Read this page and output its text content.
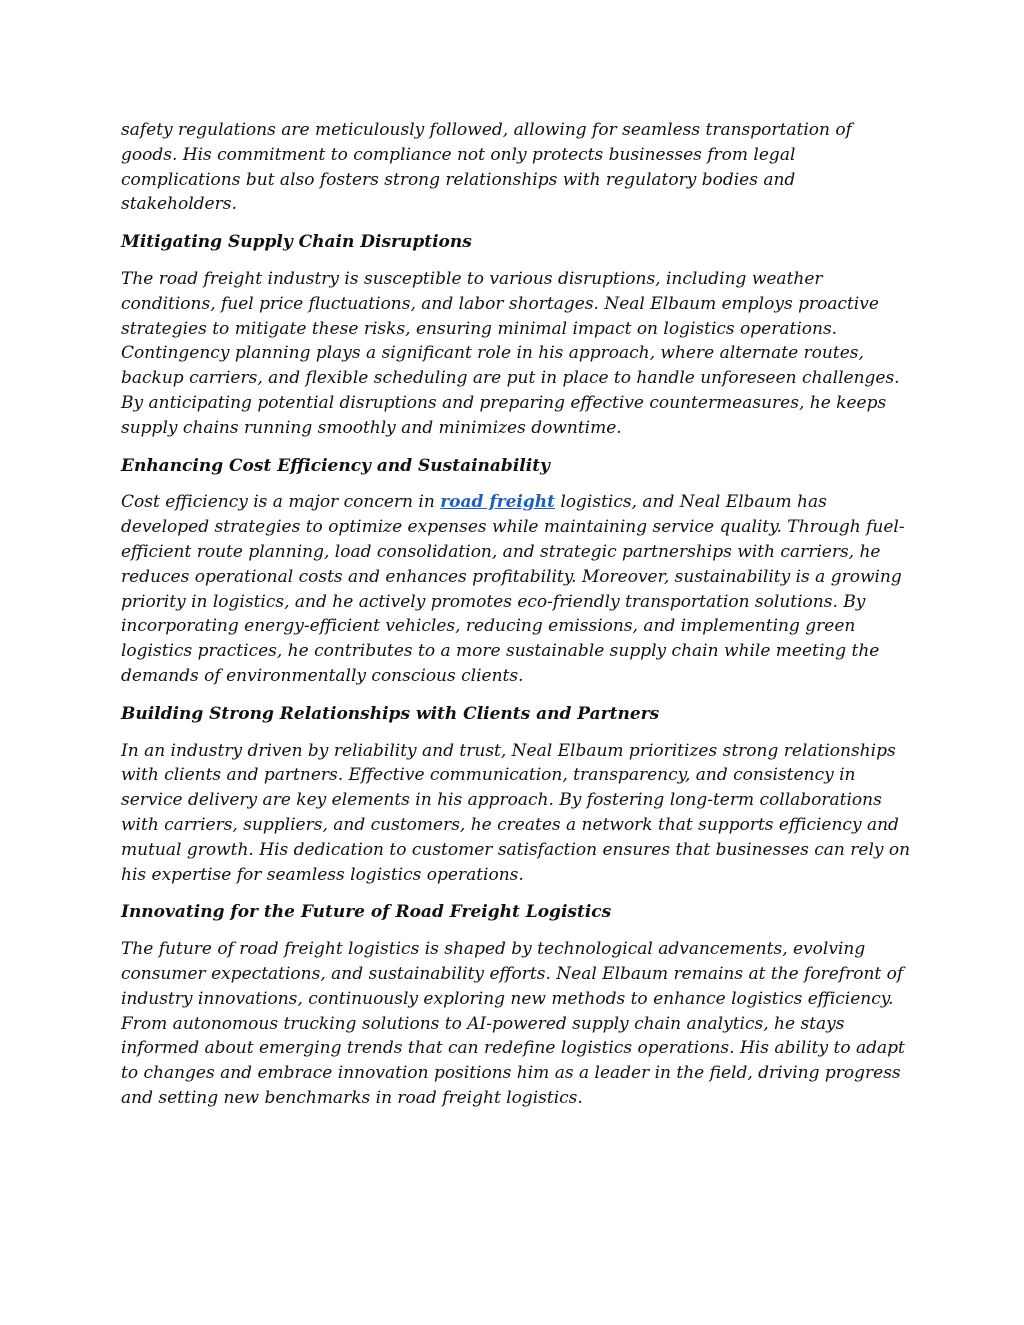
safety regulations are meticulously followed, allowing for seamless transportation of goods. His commitment to compliance not only protects businesses from legal complications but also fosters strong relationships with regulatory bodies and stakeholders.

Mitigating Supply Chain Disruptions

The road freight industry is susceptible to various disruptions, including weather conditions, fuel price fluctuations, and labor shortages. Neal Elbaum employs proactive strategies to mitigate these risks, ensuring minimal impact on logistics operations. Contingency planning plays a significant role in his approach, where alternate routes, backup carriers, and flexible scheduling are put in place to handle unforeseen challenges. By anticipating potential disruptions and preparing effective countermeasures, he keeps supply chains running smoothly and minimizes downtime.

Enhancing Cost Efficiency and Sustainability

Cost efficiency is a major concern in road freight logistics, and Neal Elbaum has developed strategies to optimize expenses while maintaining service quality. Through fuel-efficient route planning, load consolidation, and strategic partnerships with carriers, he reduces operational costs and enhances profitability. Moreover, sustainability is a growing priority in logistics, and he actively promotes eco-friendly transportation solutions. By incorporating energy-efficient vehicles, reducing emissions, and implementing green logistics practices, he contributes to a more sustainable supply chain while meeting the demands of environmentally conscious clients.

Building Strong Relationships with Clients and Partners

In an industry driven by reliability and trust, Neal Elbaum prioritizes strong relationships with clients and partners. Effective communication, transparency, and consistency in service delivery are key elements in his approach. By fostering long-term collaborations with carriers, suppliers, and customers, he creates a network that supports efficiency and mutual growth. His dedication to customer satisfaction ensures that businesses can rely on his expertise for seamless logistics operations.

Innovating for the Future of Road Freight Logistics

The future of road freight logistics is shaped by technological advancements, evolving consumer expectations, and sustainability efforts. Neal Elbaum remains at the forefront of industry innovations, continuously exploring new methods to enhance logistics efficiency. From autonomous trucking solutions to AI-powered supply chain analytics, he stays informed about emerging trends that can redefine logistics operations. His ability to adapt to changes and embrace innovation positions him as a leader in the field, driving progress and setting new benchmarks in road freight logistics.
